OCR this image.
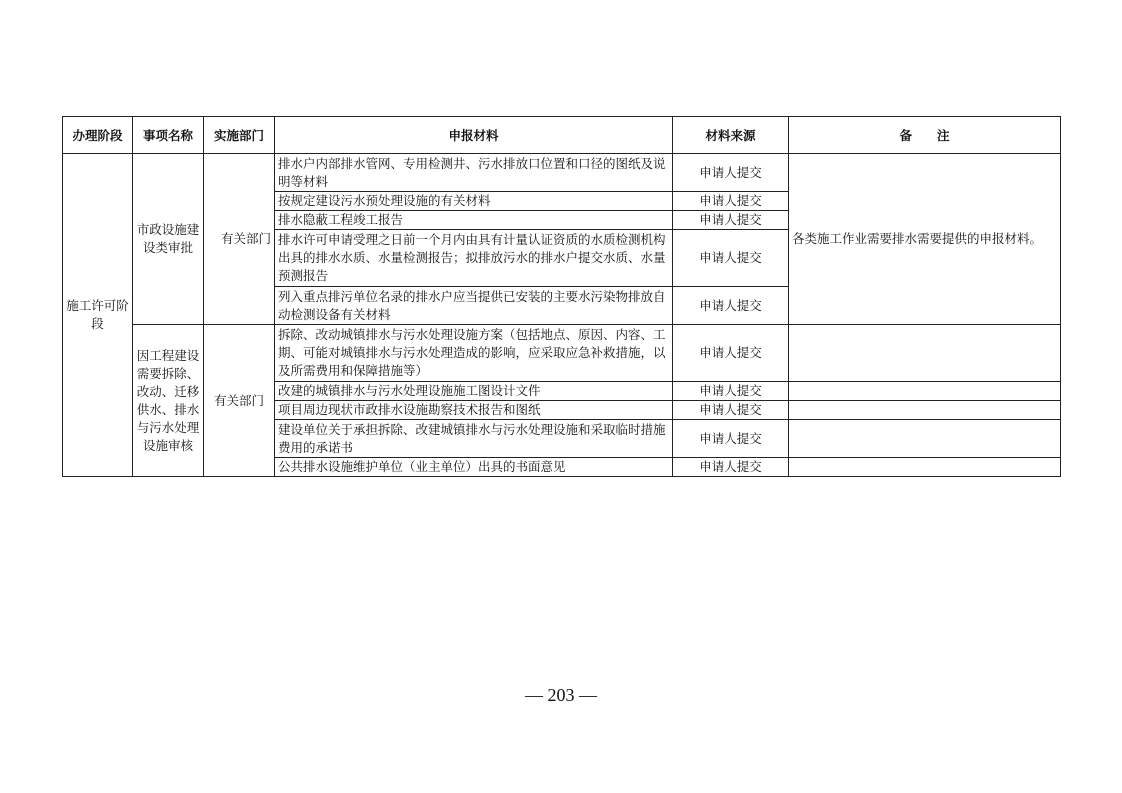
办理阶段	事项名称	实施部门	申报材料	材料来源	备　　注
施工许可阶段	市政设施建设类审批	有关部门	排水户内部排水管网、专用检测井、污水排放口位置和口径的图纸及说明等材料	申请人提交	各类施工作业需要排水需要提供的申报材料。
			按规定建设污水预处理设施的有关材料	申请人提交	
			排水隐蔽工程竣工报告	申请人提交	
			排水许可申请受理之日前一个月内由具有计量认证资质的水质检测机构出具的排水水质、水量检测报告；拟排放污水的排水户提交水质、水量预测报告	申请人提交	
			列入重点排污单位名录的排水户应当提供已安装的主要水污染物排放自动检测设备有关材料	申请人提交	
	因工程建设需要拆除、改动、迁移供水、排水与污水处理设施审核	有关部门	拆除、改动城镇排水与污水处理设施方案（包括地点、原因、内容、工期、可能对城镇排水与污水处理造成的影响，应采取应急补救措施，以及所需费用和保障措施等）	申请人提交	
			改建的城镇排水与污水处理设施施工图设计文件	申请人提交	
			项目周边现状市政排水设施勘察技术报告和图纸	申请人提交	
			建设单位关于承担拆除、改建城镇排水与污水处理设施和采取临时措施费用的承诺书	申请人提交	
			公共排水设施维护单位（业主单位）出具的书面意见	申请人提交	
— 203 —
